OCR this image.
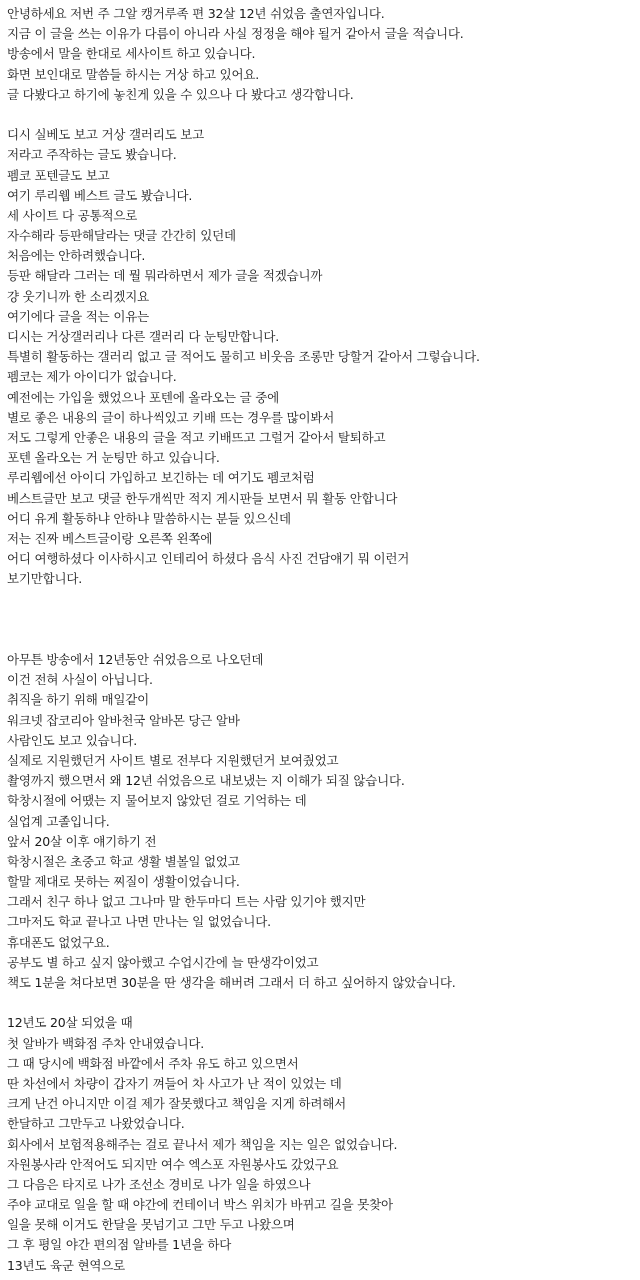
안녕하세요 저번 주 그알 캥거루족 편 32살 12년 쉬었음 출연자입니다.
지금 이 글을 쓰는 이유가 다름이 아니라 사실 정정을 해야 될거 같아서 글을 적습니다.
방송에서 말을 한대로 세사이트 하고 있습니다.
화면 보인대로 말씀들 하시는 거상 하고 있어요.
글 다봤다고 하기에 놓친게 있을 수 있으나 다 봤다고 생각합니다.
디시 실베도 보고 거상 갤러리도 보고
저라고 주작하는 글도 봤습니다.
펨코 포텐글도 보고
여기 루리웹 베스트 글도 봤습니다.
세 사이트 다 공통적으로
자수해라 등판해달라는 댓글 간간히 있던데
처음에는 안하려했습니다.
등판 해달라 그러는 데 뭘 뭐라하면서 제가 글을 적겠습니까
걍 웃기니까 한 소리겠지요
여기에다 글을 적는 이유는
디시는 거상갤러리나 다른 갤러리 다 눈팅만합니다.
특별히 활동하는 갤러리 없고 글 적어도 물히고 비웃음 조롱만 당할거 같아서 그렇습니다.
펨코는 제가 아이디가 없습니다.
예전에는 가입을 했었으나 포텐에 올라오는 글 중에
별로 좋은 내용의 글이 하나씩있고 키배 뜨는 경우를 많이봐서
저도 그렇게 안좋은 내용의 글을 적고 키배뜨고 그럴거 같아서 탈퇴하고
포텐 올라오는 거 눈팅만 하고 있습니다.
루리웹에선 아이디 가입하고 보긴하는 데 여기도 펨코처럼
베스트글만 보고 댓글 한두개씩만 적지 게시판들 보면서 뭐 활동 안합니다
어디 유게 활동하냐 안하냐 말씀하시는 분들 있으신데
저는 진짜 베스트글이랑 오른쪽 왼쪽에
어디 여행하셨다 이사하시고 인테리어 하셨다 음식 사진 건담얘기 뭐 이런거
보기만합니다.
아무튼 방송에서 12년동안 쉬었음으로 나오던데
이건 전혀 사실이 아닙니다.
취직을 하기 위해 매일같이
워크넷 잡코리아 알바천국 알바몬 당근 알바
사람인도 보고 있습니다.
실제로 지원했던거 사이트 별로 전부다 지원했던거 보여줬었고
촬영까지 했으면서 왜 12년 쉬었음으로 내보냈는 지 이해가 되질 않습니다.
학창시절에 어땠는 지 물어보지 않았던 걸로 기억하는 데
실업계 고졸입니다.
앞서 20살 이후 얘기하기 전
학창시절은 초중고 학교 생활 별볼일 없었고
할말 제대로 못하는 찌질이 생활이었습니다.
그래서 친구 하나 없고 그나마 말 한두마디 트는 사람 있기야 했지만
그마저도 학교 끝나고 나면 만나는 일 없었습니다.
휴대폰도 없었구요.
공부도 별 하고 싶지 않아했고 수업시간에 늘 딴생각이었고
책도 1분을 쳐다보면 30분을 딴 생각을 해버려 그래서 더 하고 싶어하지 않았습니다.
12년도 20살 되었을 때
첫 알바가 백화점 주차 안내였습니다.
그 때 당시에 백화점 바깥에서 주차 유도 하고 있으면서
딴 차선에서 차량이 갑자기 껴들어 차 사고가 난 적이 있었는 데
크게 난건 아니지만 이걸 제가 잘못했다고 책임을 지게 하려해서
한달하고 그만두고 나왔었습니다.
회사에서 보험적용해주는 걸로 끝나서 제가 책임을 지는 일은 없었습니다.
자원봉사라 안적어도 되지만 여수 엑스포 자원봉사도 갔었구요
그 다음은 타지로 나가 조선소 경비로 나가 일을 하였으나
주야 교대로 일을 할 때 야간에 컨테이너 박스 위치가 바뀌고 길을 못찾아
일을 못해 이거도 한달을 못넘기고 그만 두고 나왔으며
그 후 평일 야간 편의점 알바를 1년을 하다
13년도 육군 현역으로
